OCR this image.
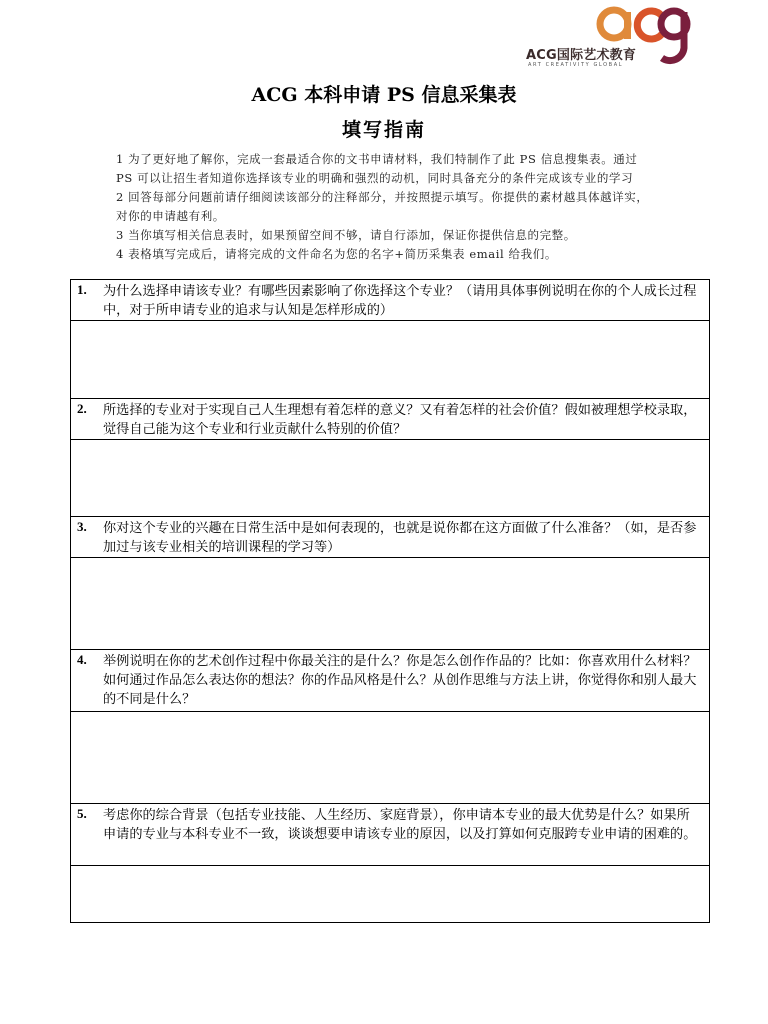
ACG国际艺术教育
ART CREATIVITY GLOBAL
ACG 本科申请 PS 信息采集表
填写指南

1 为了更好地了解你，完成一套最适合你的文书申请材料，我们特制作了此 PS 信息搜集表。通过 PS 可以让招生者知道你选择该专业的明确和强烈的动机，同时具备充分的条件完成该专业的学习

2 回答每部分问题前请仔细阅读该部分的注释部分，并按照提示填写。你提供的素材越具体越详实，对你的申请越有利。

3 当你填写相关信息表时，如果预留空间不够，请自行添加，保证你提供信息的完整。

4 表格填写完成后，请将完成的文件命名为您的名字+简历采集表 email 给我们。

1.	为什么选择申请该专业？有哪些因素影响了你选择这个专业？（请用具体事例说明在你的个人成长过程中，对于所申请专业的追求与认知是怎样形成的）

2.	所选择的专业对于实现自己人生理想有着怎样的意义？又有着怎样的社会价值？假如被理想学校录取，觉得自己能为这个专业和行业贡献什么特别的价值？

3.	你对这个专业的兴趣在日常生活中是如何表现的，也就是说你都在这方面做了什么准备？（如，是否参加过与该专业相关的培训课程的学习等）

4.	举例说明在你的艺术创作过程中你最关注的是什么？你是怎么创作作品的？比如：你喜欢用什么材料？如何通过作品怎么表达你的想法？你的作品风格是什么？从创作思维与方法上讲，你觉得你和别人最大的不同是什么？

5.	考虑你的综合背景（包括专业技能、人生经历、家庭背景），你申请本专业的最大优势是什么？如果所申请的专业与本科专业不一致，谈谈想要申请该专业的原因，以及打算如何克服跨专业申请的困难的。
